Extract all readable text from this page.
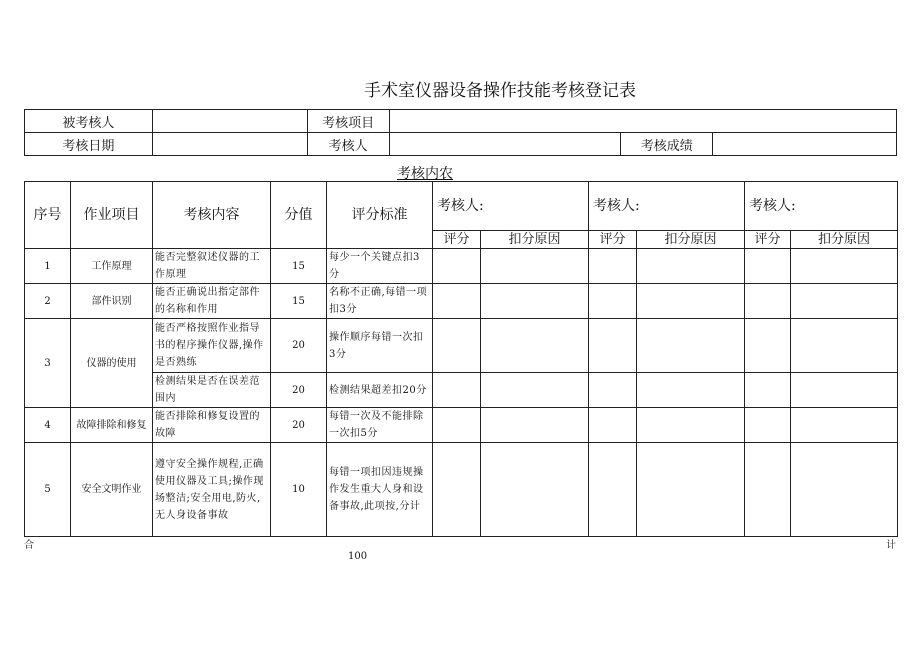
手术室仪器设备操作技能考核登记表
被考核人		考核项目			
考核日期		考核人		考核成绩	
考核内农
序号	作业项目	考核内容	分值	评分标准	考核人:		考核人:		考核人:	
					评分	扣分原因	评分	扣分原因	评分	扣分原因
1	工作原理	能否完整叙述仪器的工作原理	15	每少一个关键点扣3分						
2	部件识别	能否正确说出指定部件的名称和作用	15	名称不正确,每错一项扣3分						
3	仪器的使用	能否严格按照作业指导书的程序操作仪器,操作是否熟练	20	操作顺序每错一次扣3分						
		检测结果是否在误差范围内	20	检测结果超差扣20分						
4	故障排除和修复	能否排除和修复设置的故障	20	每错一次及不能排除一次扣5分						
5	安全文明作业	遵守安全操作规程,正确使用仪器及工具;操作现场整洁;安全用电,防火,无人身设备事故	10	每错一项扣因违规操作发生重大人身和设备事故,此项按,分计						
合	计
100
